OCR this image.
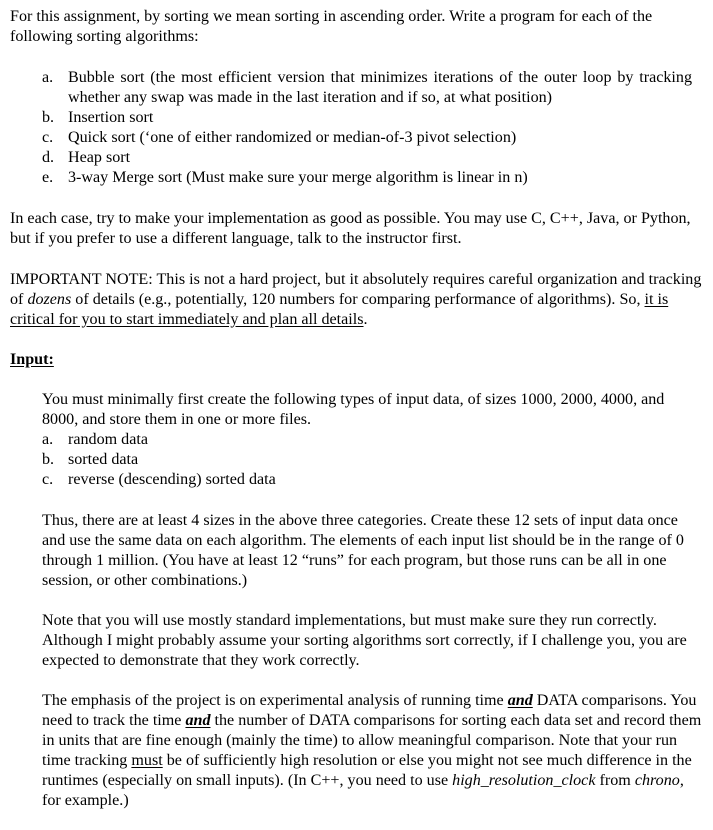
For this assignment, by sorting we mean sorting in ascending order. Write a program for each of the following sorting algorithms:

a. Bubble sort (the most efficient version that minimizes iterations of the outer loop by tracking whether any swap was made in the last iteration and if so, at what position)
b. Insertion sort
c. Quick sort (‘one of either randomized or median-of-3 pivot selection)
d. Heap sort
e. 3-way Merge sort (Must make sure your merge algorithm is linear in n)

In each case, try to make your implementation as good as possible. You may use C, C++, Java, or Python, but if you prefer to use a different language, talk to the instructor first.

IMPORTANT NOTE: This is not a hard project, but it absolutely requires careful organization and tracking of dozens of details (e.g., potentially, 120 numbers for comparing performance of algorithms). So, it is critical for you to start immediately and plan all details.

Input:

You must minimally first create the following types of input data, of sizes 1000, 2000, 4000, and 8000, and store them in one or more files.

a. random data
b. sorted data
c. reverse (descending) sorted data

Thus, there are at least 4 sizes in the above three categories. Create these 12 sets of input data once and use the same data on each algorithm. The elements of each input list should be in the range of 0 through 1 million. (You have at least 12 “runs” for each program, but those runs can be all in one session, or other combinations.)

Note that you will use mostly standard implementations, but must make sure they run correctly. Although I might probably assume your sorting algorithms sort correctly, if I challenge you, you are expected to demonstrate that they work correctly.

The emphasis of the project is on experimental analysis of running time and DATA comparisons. You need to track the time and the number of DATA comparisons for sorting each data set and record them in units that are fine enough (mainly the time) to allow meaningful comparison. Note that your run time tracking must be of sufficiently high resolution or else you might not see much difference in the runtimes (especially on small inputs). (In C++, you need to use high_resolution_clock from chrono, for example.)
